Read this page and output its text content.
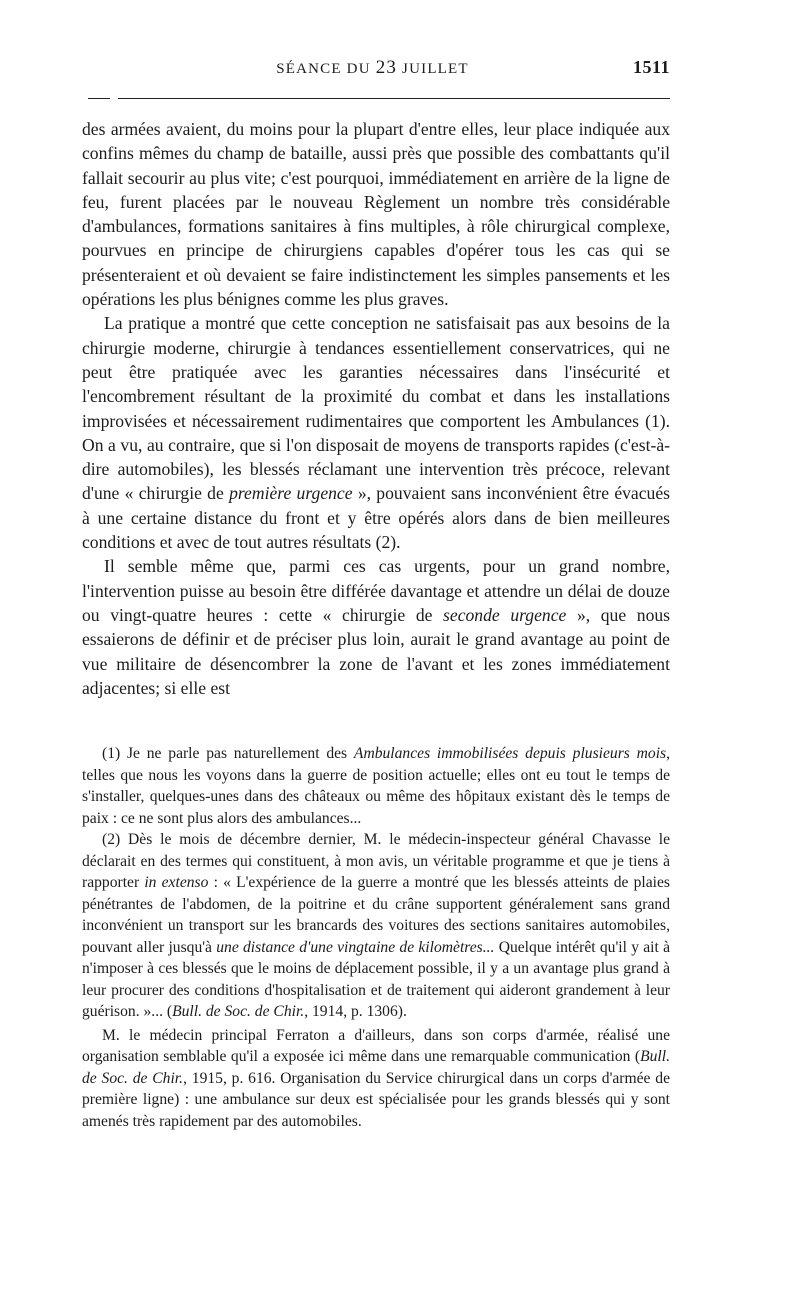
SÉANCE DU 23 JUILLET	1511

des armées avaient, du moins pour la plupart d'entre elles, leur place indiquée aux confins mêmes du champ de bataille, aussi près que possible des combattants qu'il fallait secourir au plus vite; c'est pourquoi, immédiatement en arrière de la ligne de feu, furent placées par le nouveau Règlement un nombre très considérable d'ambulances, formations sanitaires à fins multiples, à rôle chirurgical complexe, pourvues en principe de chirurgiens capables d'opérer tous les cas qui se présenteraient et où devaient se faire indistinctement les simples pansements et les opérations les plus bénignes comme les plus graves.

La pratique a montré que cette conception ne satisfaisait pas aux besoins de la chirurgie moderne, chirurgie à tendances essentiellement conservatrices, qui ne peut être pratiquée avec les garanties nécessaires dans l'insécurité et l'encombrement résultant de la proximité du combat et dans les installations improvisées et nécessairement rudimentaires que comportent les Ambulances (1). On a vu, au contraire, que si l'on disposait de moyens de transports rapides (c'est-à-dire automobiles), les blessés réclamant une intervention très précoce, relevant d'une « chirurgie de première urgence », pouvaient sans inconvénient être évacués à une certaine distance du front et y être opérés alors dans de bien meilleures conditions et avec de tout autres résultats (2).

Il semble même que, parmi ces cas urgents, pour un grand nombre, l'intervention puisse au besoin être différée davantage et attendre un délai de douze ou vingt-quatre heures : cette « chirurgie de seconde urgence », que nous essaierons de définir et de préciser plus loin, aurait le grand avantage au point de vue militaire de désencombrer la zone de l'avant et les zones immédiatement adjacentes; si elle est

(1) Je ne parle pas naturellement des Ambulances immobilisées depuis plusieurs mois, telles que nous les voyons dans la guerre de position actuelle; elles ont eu tout le temps de s'installer, quelques-unes dans des châteaux ou même des hôpitaux existant dès le temps de paix : ce ne sont plus alors des ambulances...

(2) Dès le mois de décembre dernier, M. le médecin-inspecteur général Chavasse le déclarait en des termes qui constituent, à mon avis, un véritable programme et que je tiens à rapporter in extenso : « L'expérience de la guerre a montré que les blessés atteints de plaies pénétrantes de l'abdomen, de la poitrine et du crâne supportent généralement sans grand inconvénient un transport sur les brancards des voitures des sections sanitaires automobiles, pouvant aller jusqu'à une distance d'une vingtaine de kilomètres... Quelque intérêt qu'il y ait à n'imposer à ces blessés que le moins de déplacement possible, il y a un avantage plus grand à leur procurer des conditions d'hospitalisation et de traitement qui aideront grandement à leur guérison. »... (Bull. de Soc. de Chir., 1914, p. 1306).

M. le médecin principal Ferraton a d'ailleurs, dans son corps d'armée, réalisé une organisation semblable qu'il a exposée ici même dans une remarquable communication (Bull. de Soc. de Chir., 1915, p. 616. Organisation du Service chirurgical dans un corps d'armée de première ligne) : une ambulance sur deux est spécialisée pour les grands blessés qui y sont amenés très rapidement par des automobiles.
